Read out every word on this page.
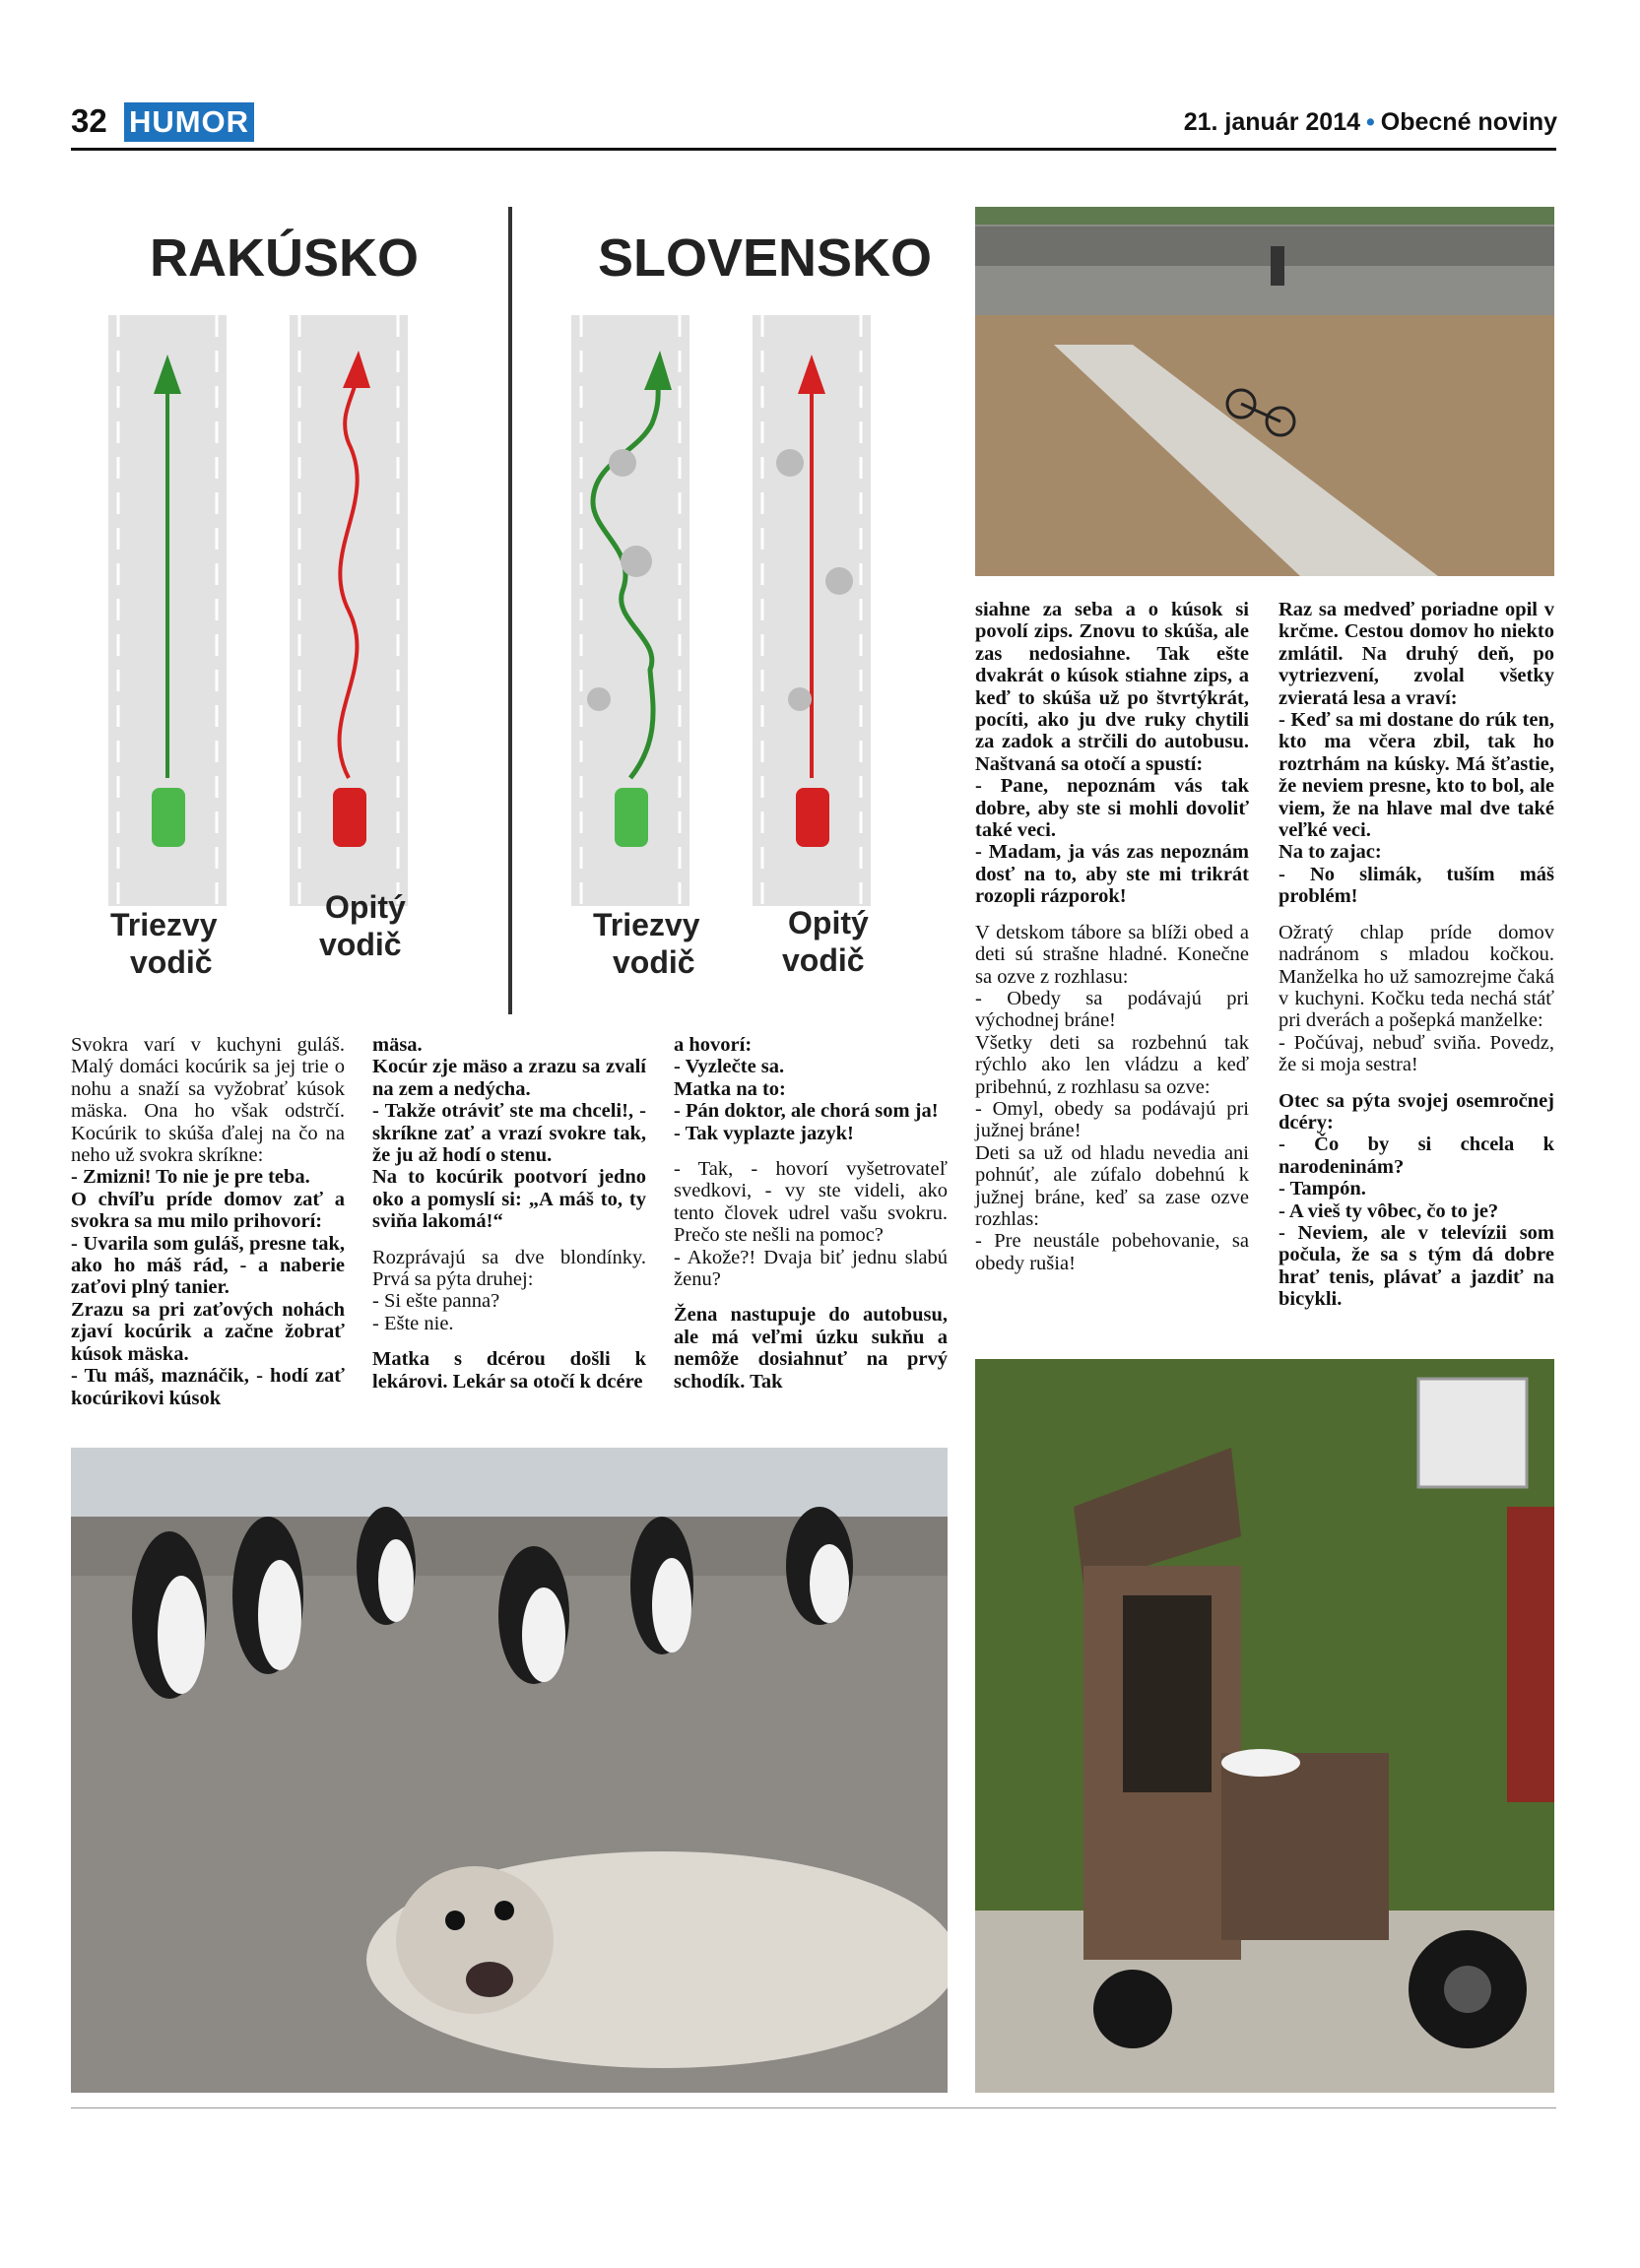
32 HUMOR	21. január 2014 • Obecné noviny
RAKÚSKO	SLOVENSKO
Triezvy
vodič
Opitý
vodič
Triezvy
vodič
Opitý
vodič

Svokra varí v kuchyni guláš. Malý domáci kocúrik sa jej trie o nohu a snaží sa vyžobrať kúsok mäska. Ona ho však odstrčí. Kocúrik to skúša ďalej na čo na neho už svokra skríkne:

- Zmizni! To nie je pre teba.

O chvíľu príde domov zať a svokra sa mu milo prihovorí:

- Uvarila som guláš, presne tak, ako ho máš rád, - a naberie zaťovi plný tanier.

Zrazu sa pri zaťových nohách zjaví kocúrik a začne žobrať kúsok mäska.

- Tu máš, maznáčik, - hodí zať kocúrikovi kúsok

mäsa.

Kocúr zje mäso a zrazu sa zvalí na zem a nedýcha.

- Takže otráviť ste ma chceli!, - skríkne zať a vrazí svokre tak, že ju až hodí o stenu.

Na to kocúrik pootvorí jedno oko a pomyslí si: „A máš to, ty sviňa lakomá!“

Rozprávajú sa dve blondínky. Prvá sa pýta druhej:

- Si ešte panna?

- Ešte nie.

Matka s dcérou došli k lekárovi. Lekár sa otočí k dcére

a hovorí:

- Vyzlečte sa.

Matka na to:

- Pán doktor, ale chorá som ja!

- Tak vyplazte jazyk!

- Tak, - hovorí vyšetrovateľ svedkovi, - vy ste videli, ako tento človek udrel vašu svokru. Prečo ste nešli na pomoc?

- Akože?! Dvaja biť jednu slabú ženu?

Žena nastupuje do autobusu, ale má veľmi úzku sukňu a nemôže dosiahnuť na prvý schodík. Tak

siahne za seba a o kúsok si povolí zips. Znovu to skúša, ale zas nedosiahne. Tak ešte dvakrát o kúsok stiahne zips, a keď to skúša už po štvrtýkrát, pocíti, ako ju dve ruky chytili za zadok a strčili do autobusu. Naštvaná sa otočí a spustí:

- Pane, nepoznám vás tak dobre, aby ste si mohli dovoliť také veci.

- Madam, ja vás zas nepoznám dosť na to, aby ste mi trikrát rozopli rázporok!

V detskom tábore sa blíži obed a deti sú strašne hladné. Konečne sa ozve z rozhlasu:

- Obedy sa podávajú pri východnej bráne!

Všetky deti sa rozbehnú tak rýchlo ako len vládzu a keď pribehnú, z rozhlasu sa ozve:

- Omyl, obedy sa podávajú pri južnej bráne!

Deti sa už od hladu nevedia ani pohnúť, ale zúfalo dobehnú k južnej bráne, keď sa zase ozve rozhlas:

- Pre neustále pobehovanie, sa obedy rušia!

Raz sa medveď poriadne opil v krčme. Cestou domov ho niekto zmlátil. Na druhý deň, po vytriezvení, zvolal všetky zvieratá lesa a vraví:

- Keď sa mi dostane do rúk ten, kto ma včera zbil, tak ho roztrhám na kúsky. Má šťastie, že neviem presne, kto to bol, ale viem, že na hlave mal dve také veľké veci.

Na to zajac:

- No slimák, tuším máš problém!

Ožratý chlap príde domov nadránom s mladou kočkou. Manželka ho už samozrejme čaká v kuchyni. Kočku teda nechá stáť pri dverách a pošepká manželke:

- Počúvaj, nebuď sviňa. Povedz, že si moja sestra!

Otec sa pýta svojej osemročnej dcéry:

- Čo by si chcela k narodeninám?

- Tampón.

- A vieš ty vôbec, čo to je?

- Neviem, ale v televízii som počula, že sa s tým dá dobre hrať tenis, plávať a jazdiť na bicykli.
